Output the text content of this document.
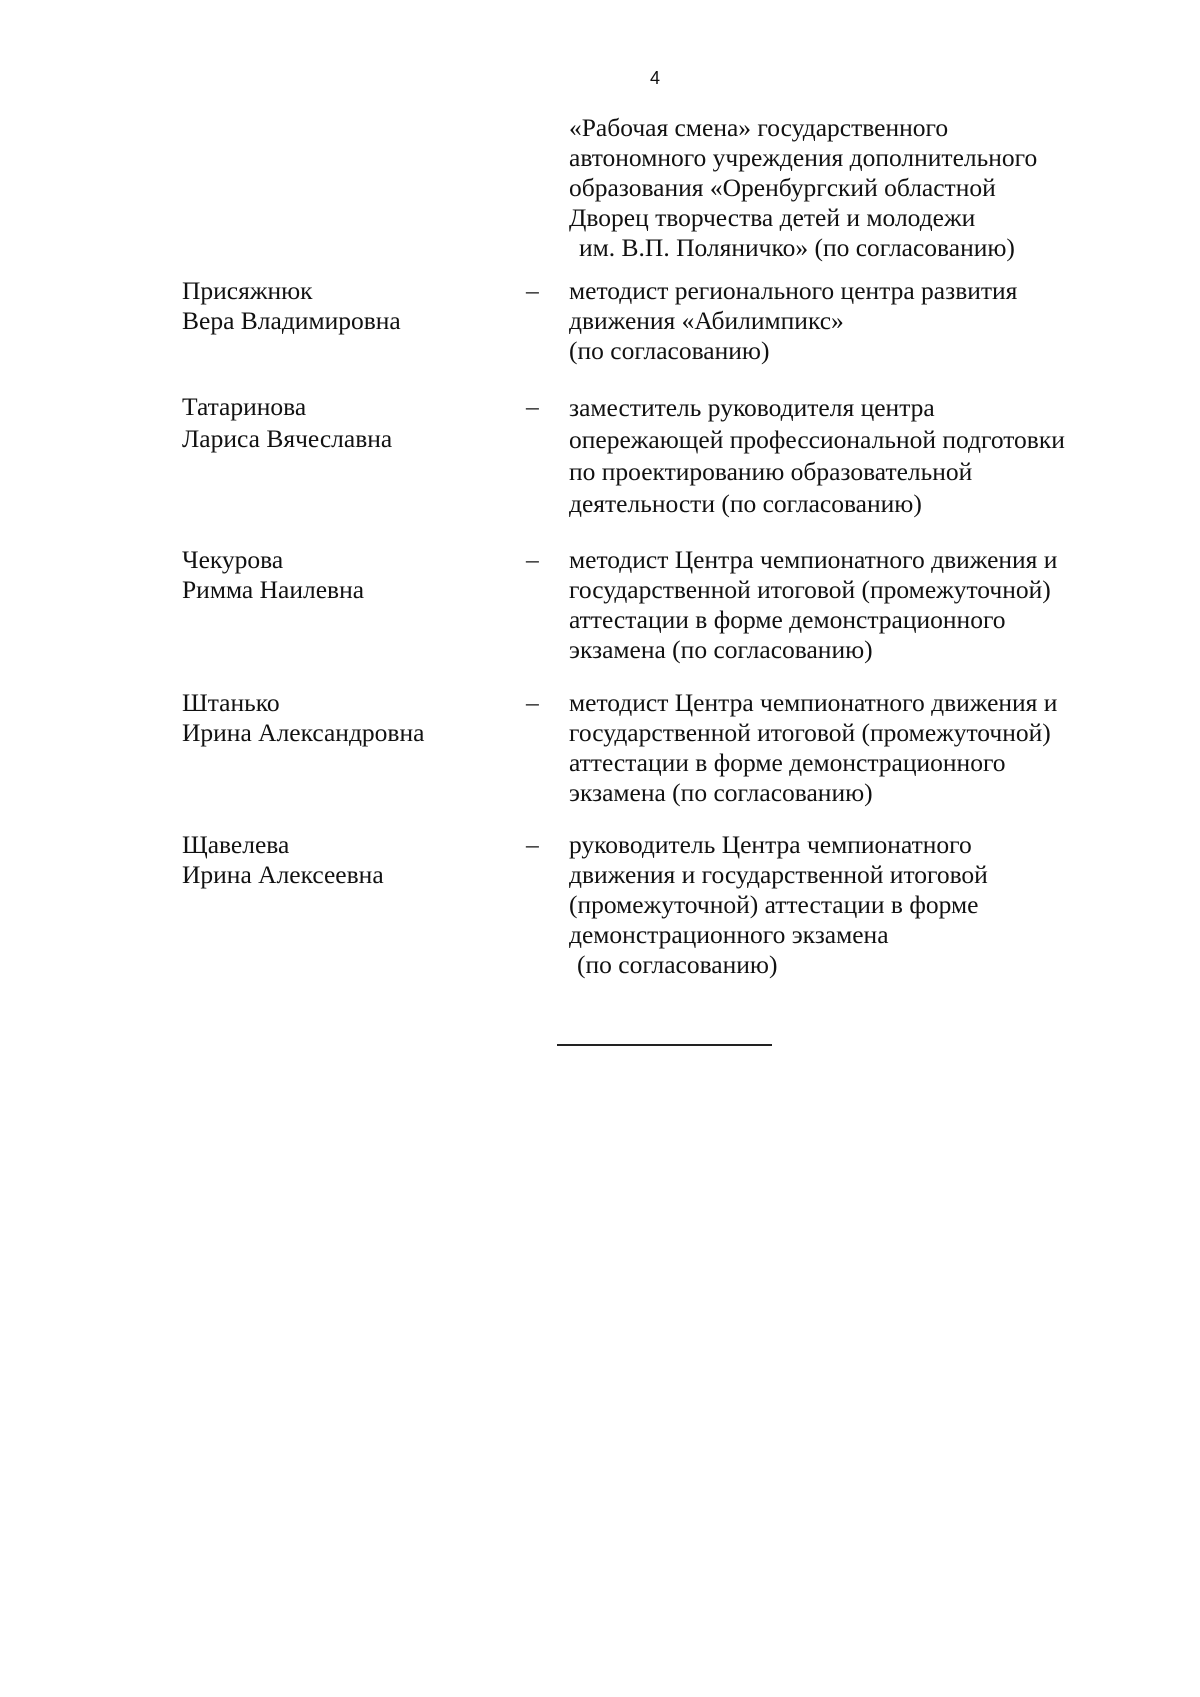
4
«Рабочая смена» государственного
автономного учреждения дополнительного
образования «Оренбургский областной
Дворец творчества детей и молодежи
им. В.П. Поляничко» (по согласованию)
Присяжнюк
Вера Владимировна
– методист регионального центра развития
движения «Абилимпикс»
(по согласованию)
Татаринова
Лариса Вячеславна
– заместитель руководителя центра
опережающей профессиональной подготовки
по проектированию образовательной
деятельности (по согласованию)
Чекурова
Римма Наилевна
– методист Центра чемпионатного движения и
государственной итоговой (промежуточной)
аттестации в форме демонстрационного
экзамена (по согласованию)
Штанько
Ирина Александровна
– методист Центра чемпионатного движения и
государственной итоговой (промежуточной)
аттестации в форме демонстрационного
экзамена (по согласованию)
Щавелева
Ирина Алексеевна
– руководитель Центра чемпионатного
движения и государственной итоговой
(промежуточной) аттестации в форме
демонстрационного экзамена
(по согласованию)
